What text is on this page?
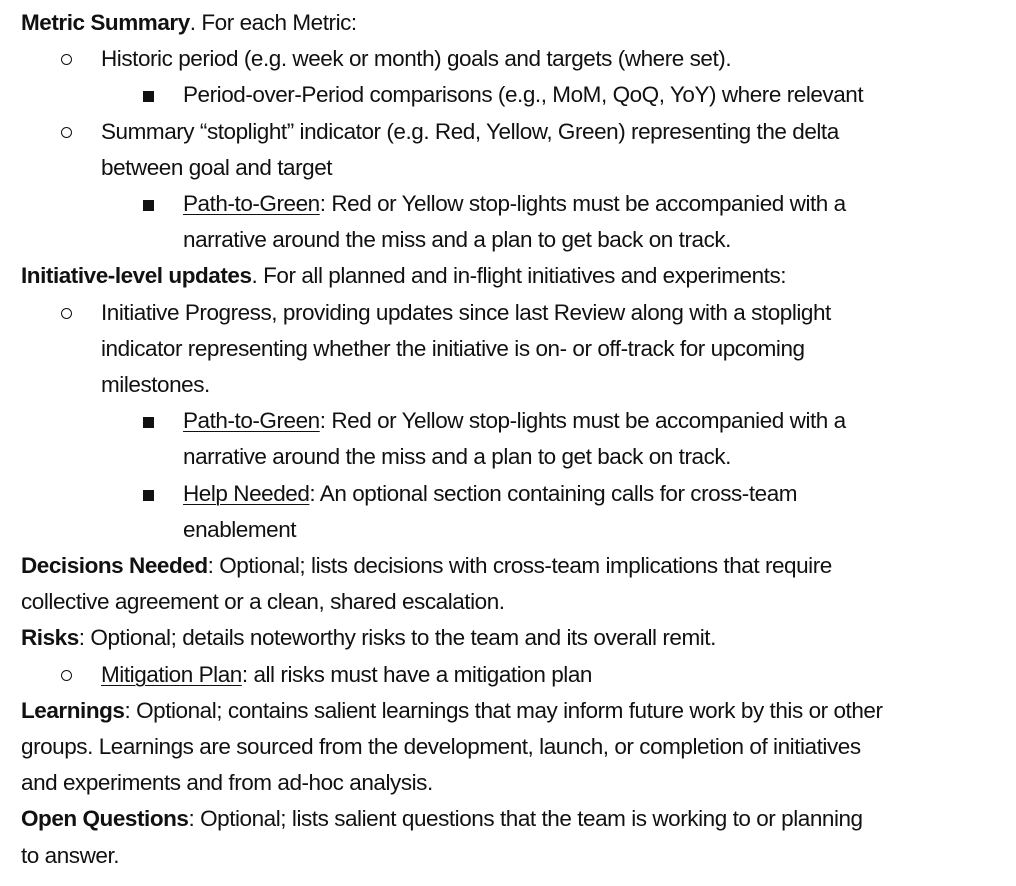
Metric Summary. For each Metric:
Historic period (e.g. week or month) goals and targets (where set).
Period-over-Period comparisons (e.g., MoM, QoQ, YoY) where relevant
Summary “stoplight” indicator (e.g. Red, Yellow, Green) representing the delta
between goal and target
Path-to-Green: Red or Yellow stop-lights must be accompanied with a
narrative around the miss and a plan to get back on track.
Initiative-level updates. For all planned and in-flight initiatives and experiments:
Initiative Progress, providing updates since last Review along with a stoplight
indicator representing whether the initiative is on- or off-track for upcoming
milestones.
Path-to-Green: Red or Yellow stop-lights must be accompanied with a
narrative around the miss and a plan to get back on track.
Help Needed: An optional section containing calls for cross-team
enablement
Decisions Needed: Optional; lists decisions with cross-team implications that require
collective agreement or a clean, shared escalation.
Risks: Optional; details noteworthy risks to the team and its overall remit.
Mitigation Plan: all risks must have a mitigation plan
Learnings: Optional; contains salient learnings that may inform future work by this or other
groups. Learnings are sourced from the development, launch, or completion of initiatives
and experiments and from ad-hoc analysis.
Open Questions: Optional; lists salient questions that the team is working to or planning
to answer.
